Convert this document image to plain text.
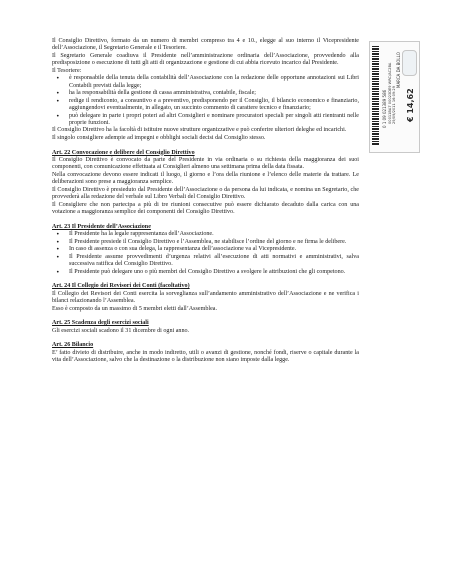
Il Consiglio Direttivo, formato da un numero di membri compreso tra 4 e 10., elegge al suo interno il Vicepresidente dell’Associazione, il Segretario Generale e il Tesoriere.

Il Segretario Generale coadiuva il Presidente nell’amministrazione ordinaria dell’Associazione, provvedendo alla predisposizione o esecuzione di tutti gli atti di organizzazione e gestione di cui abbia ricevuto incarico dal Presidente.

Il Tesoriere:

• è responsabile della tenuta della contabilità dell’Associazione con la redazione delle opportune annotazioni sui Libri Contabili previsti dalla legge;
• ha la responsabilità della gestione di cassa amministrativa, contabile, fiscale;
• redige il rendiconto, a consuntivo e a preventivo, predisponendo per il Consiglio, il bilancio economico e finanziario, aggiungendovi eventualmente, in allegato, un succinto commento di carattere tecnico e finanziario;
• può delegare in parte i propri poteri ad altri Consiglieri e nominare procuratori speciali per singoli atti rientranti nelle proprie funzioni.

Il Consiglio Direttivo ha la facoltà di istituire nuove strutture organizzative e può conferire ulteriori deleghe ed incarichi.

Il singolo consigliere adempie ad impegni e obblighi sociali decisi dal Consiglio stesso.

Art. 22 Convocazione e delibere del Consiglio Direttivo

Il Consiglio Direttivo è convocato da parte del Presidente in via ordinaria o su richiesta della maggioranza dei suoi componenti, con comunicazione effettuata ai Consiglieri almeno una settimana prima della data fissata.

Nella convocazione devono essere indicati il luogo, il giorno e l’ora della riunione e l’elenco delle materie da trattare. Le deliberazioni sono prese a maggioranza semplice.

Il Consiglio Direttivo è presieduto dal Presidente dell’Associazione o da persona da lui indicata, e nomina un Segretario, che provvederà alla redazione del verbale sul Libro Verbali del Consiglio Direttivo.

Il Consigliere che non partecipa a più di tre riunioni consecutive può essere dichiarato decaduto dalla carica con una votazione a maggioranza semplice dei componenti del Consiglio Direttivo.

Art. 23 Il Presidente dell’Associazione

• Il Presidente ha la legale rappresentanza dell’Associazione.
• Il Presidente presiede il Consiglio Direttivo e l’Assemblea, ne stabilisce l’ordine del giorno e ne firma le delibere.
• In caso di assenza o con sua delega, la rappresentanza dell’associazione va al Vicepresidente.
• Il Presidente assume provvedimenti d’urgenza relativi all’esecuzione di atti normativi e amministrativi, salva successiva ratifica del Consiglio Direttivo.
• Il Presidente può delegare uno o più membri del Consiglio Direttivo a svolgere le attribuzioni che gli competono.

Art. 24 Il Collegio dei Revisori dei Conti (facoltativo)

Il Collegio dei Revisori dei Conti esercita la sorveglianza sull’andamento amministrativo dell’Associazione e ne verifica i bilanci relazionando l’Assemblea.

Esso è composto da un massimo di 5 membri eletti dall’Assemblea.

Art. 25 Scadenza degli esercizi sociali

Gli esercizi sociali scadono il 31 dicembre di ogni anno.

Art. 26 Bilancio

E’ fatto divieto di distribuire, anche in modo indiretto, utili o avanzi di gestione, nonché fondi, riserve o capitale durante la vita dell’Associazione, salvo che la destinazione o la distribuzione non siano imposte dalla legge.

0 1 09 021389 586 00011BA7 00023DE9 WRC/AC2BA 29/09/2011 16:09:29
MARCA DA BOLLO
€ 14,62
